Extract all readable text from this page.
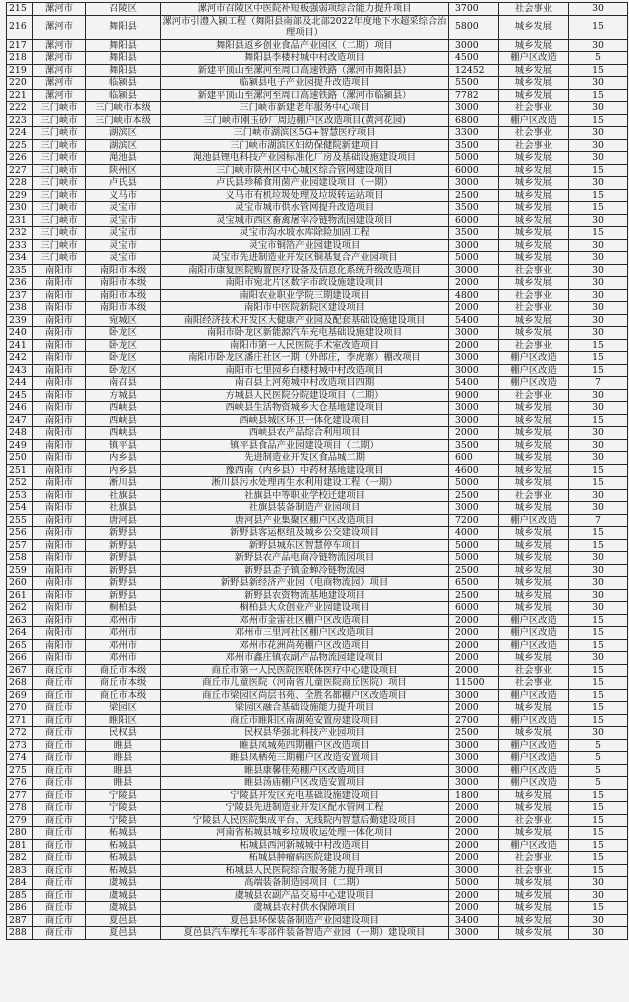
215	漯河市	召陵区	漯河市召陵区中医院补短板强弱项综合能力提升项目	3700	社会事业	30
216	漯河市	舞阳县	漯河市引澧入颍工程（舞阳县南部及北部2022年度地下水超采综合治理项目）	5800	城乡发展	15
217	漯河市	舞阳县	舞阳县返乡创业食品产业园区（二期）项目	3000	城乡发展	30
218	漯河市	舞阳县	舞阳县李楼村城中村改造项目	4500	棚户区改造	5
219	漯河市	舞阳县	新建平顶山至漯河至周口高速铁路（漯河市舞阳县）	12452	城乡发展	15
220	漯河市	临颍县	临颍县电子产业园提升改造项目	5500	城乡发展	30
221	漯河市	临颍县	新建平顶山至漯河至周口高速铁路（漯河市临颍县）	7782	城乡发展	15
222	三门峡市	三门峡市本级	三门峡市新建老年服务中心项目	3000	社会事业	30
223	三门峡市	三门峡市本级	三门峡市刚玉砂厂周边棚户区改造项目(黄河花园)	6800	棚户区改造	15
224	三门峡市	湖滨区	三门峡市湖滨区5G+智慧医疗项目	3300	社会事业	30
225	三门峡市	湖滨区	三门峡市湖滨区妇幼保健院新建项目	3500	社会事业	30
226	三门峡市	渑池县	渑池县锂电科技产业园标准化厂房及基础设施建设项目	5000	城乡发展	30
227	三门峡市	陕州区	三门峡市陕州区中心城区综合管网建设项目	6000	城乡发展	15
228	三门峡市	卢氏县	卢氏县珍稀食用菌产业园建设项目（一期）	3000	城乡发展	30
229	三门峡市	义马市	义马市有机垃圾处理及垃圾转运站项目	2500	城乡发展	15
230	三门峡市	灵宝市	灵宝市城市供水管网提升改造项目	3500	城乡发展	15
231	三门峡市	灵宝市	灵宝城市西区畜禽屠宰冷链物流园建设项目	6000	城乡发展	30
232	三门峡市	灵宝市	灵宝市沟水坡水库除险加固工程	3500	城乡发展	15
233	三门峡市	灵宝市	灵宝市铜箔产业园建设项目	3000	城乡发展	30
234	三门峡市	灵宝市	灵宝市先进制造业开发区铜基复合产业园项目	5000	城乡发展	30
235	南阳市	南阳市本级	南阳市康复医院购置医疗设备及信息化系统升级改造项目	3000	社会事业	30
236	南阳市	南阳市本级	南阳市宛北片区数字市政设施建设项目	2000	城乡发展	30
237	南阳市	南阳市本级	南阳农业职业学院三期建设项目	4800	社会事业	30
238	南阳市	南阳市本级	南阳市中医院新院区建设项目	2000	社会事业	30
239	南阳市	宛城区	南阳经济技术开发区大健康产业园及配套基础设施建设项目	5400	城乡发展	30
240	南阳市	卧龙区	南阳市卧龙区新能源汽车充电基础设施建设项目	3000	城乡发展	30
241	南阳市	卧龙区	南阳市第一人民医院手术室改造项目	2000	社会事业	15
242	南阳市	卧龙区	南阳市卧龙区潘庄社区一期（外郎庄，李虎寨）棚改项目	3000	棚户区改造	15
243	南阳市	卧龙区	南阳市七里园乡白楼村城中村改造项目	3000	棚户区改造	15
244	南阳市	南召县	南召县上河苑城中村改造项目四期	5400	棚户区改造	7
245	南阳市	方城县	方城县人民医院分院建设项目（二期）	9000	社会事业	30
246	南阳市	西峡县	西峡县生活物资城乡大仓基地建设项目	3000	城乡发展	30
247	南阳市	西峡县	西峡县城区环卫一体化建设项目	3000	城乡发展	15
248	南阳市	西峡县	西峡县农产品综合利用项目	2000	城乡发展	30
249	南阳市	镇平县	镇平县食品产业园建设项目（二期）	3500	城乡发展	30
250	南阳市	内乡县	先进制造业开发区食品城二期	600	城乡发展	30
251	南阳市	内乡县	豫西南（内乡县）中药材基地建设项目	4600	城乡发展	15
252	南阳市	淅川县	淅川县污水处理再生水利用建设工程（一期）	5000	城乡发展	15
253	南阳市	社旗县	社旗县中等职业学校迁建项目	2500	社会事业	30
254	南阳市	社旗县	社旗县装备制造产业园项目	3000	城乡发展	30
255	南阳市	唐河县	唐河县产业集聚区棚户区改造项目	7200	棚户区改造	7
256	南阳市	新野县	新野县客运枢纽及城乡公交建设项目	4000	城乡发展	15
257	南阳市	新野县	新野县城东区智慧停车项目	5000	城乡发展	15
258	南阳市	新野县	新野县农产品电商冷链物流园项目	5000	城乡发展	30
259	南阳市	新野县	新野县歪子镇金蝉冷链物流园	2500	城乡发展	30
260	南阳市	新野县	新野县新经济产业园（电商物流园）项目	6500	城乡发展	30
261	南阳市	新野县	新野县农资物流基地建设项目	2500	城乡发展	30
262	南阳市	桐柏县	桐柏县大众创业产业园建设项目	6000	城乡发展	30
263	南阳市	邓州市	邓州市金雷社区棚户区改造项目	2000	棚户区改造	15
264	南阳市	邓州市	邓州市三里河社区棚户区改造项目	2000	棚户区改造	15
265	南阳市	邓州市	邓州市花洲尚苑棚户区改造项目	2000	棚户区改造	15
266	南阳市	邓州市	邓州市鑫庄镇农副产品物流园建设项目	2000	城乡发展	30
267	商丘市	商丘市本级	商丘市第一人民医院医联体医疗中心建设项目	2000	社会事业	15
268	商丘市	商丘市本级	商丘市儿童医院（河南省儿童医院商丘医院）项目	11500	社会事业	15
269	商丘市	商丘市本级	商丘市梁园区尚层书苑、全胜名都棚户区改造项目	3000	棚户区改造	15
270	商丘市	梁园区	梁园区融合基础设施能力提升项目	2000	城乡发展	15
271	商丘市	睢阳区	商丘市睢阳区南湖苑安置房建设项目	2700	棚户区改造	15
272	商丘市	民权县	民权县华强北科技产业园项目	2500	城乡发展	30
273	商丘市	睢县	睢县凤城苑四期棚户区改造项目	3000	棚户区改造	5
274	商丘市	睢县	睢县凤栖苑三期棚户区改造安置项目	3000	棚户区改造	5
275	商丘市	睢县	睢县康馨佳苑棚户区改造项目	3000	棚户区改造	5
276	商丘市	睢县	睢县汤庙棚户区改造安置项目	3000	棚户区改造	5
277	商丘市	宁陵县	宁陵县开发区充电基础设施建设项目	1800	城乡发展	15
278	商丘市	宁陵县	宁陵县先进制造业开发区配水管网工程	2000	城乡发展	15
279	商丘市	宁陵县	宁陵县人民医院集成平台、无线院内智慧后勤建设项目	2000	社会事业	15
280	商丘市	柘城县	河南省柘城县城乡垃圾收运处理一体化项目	2000	城乡发展	15
281	商丘市	柘城县	柘城县西河新城城中村改造项目	2000	棚户区改造	15
282	商丘市	柘城县	柘城县肿瘤病医院建设项目	2000	社会事业	15
283	商丘市	柘城县	柘城县人民医院综合服务能力提升项目	3000	社会事业	15
284	商丘市	虞城县	高端装备制造园项目（二期）	5000	城乡发展	30
285	商丘市	虞城县	虞城县农副产品交易中心建设项目	2000	城乡发展	30
286	商丘市	虞城县	虞城县农村供水保障项目	2000	城乡发展	15
287	商丘市	夏邑县	夏邑县环保装备制造产业园建设项目	3400	城乡发展	30
288	商丘市	夏邑县	夏邑县汽车摩托车零部件装备智造产业园（一期）建设项目	3000	城乡发展	30
